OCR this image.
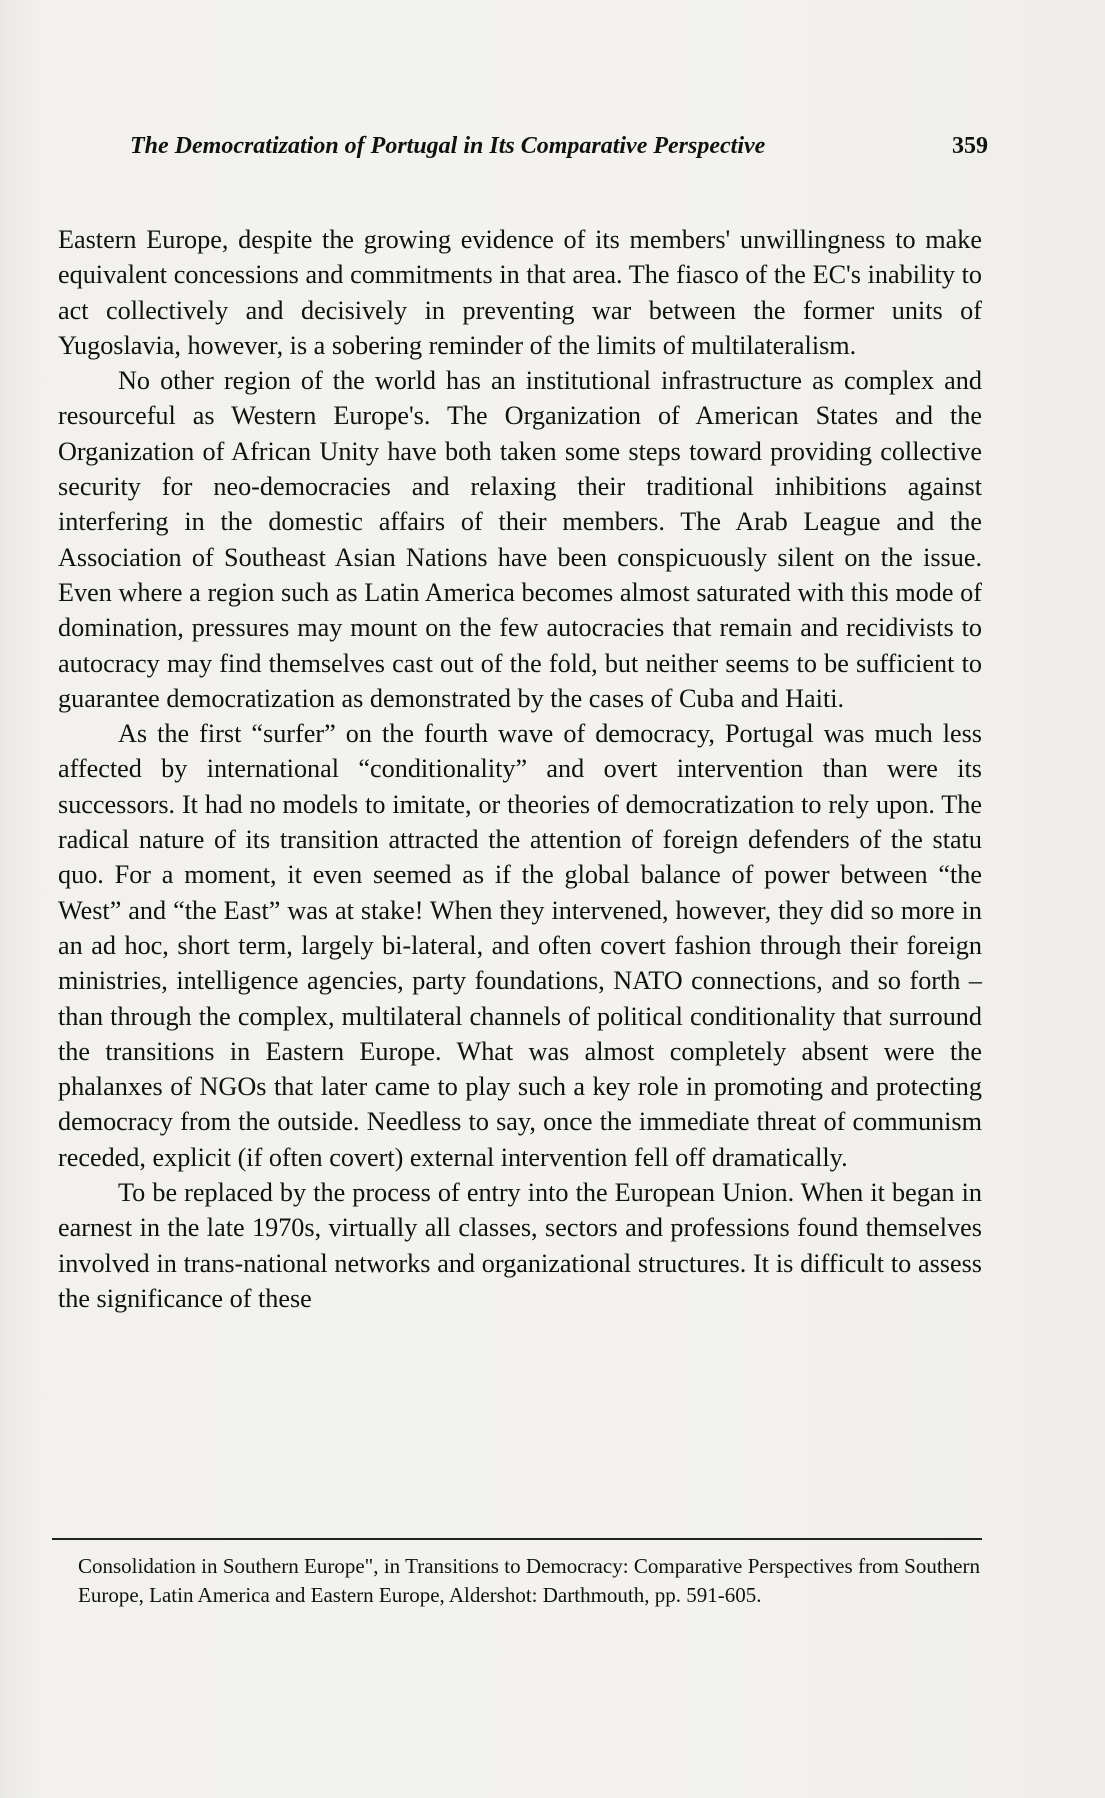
The Democratization of Portugal in Its Comparative Perspective	359

Eastern Europe, despite the growing evidence of its members' unwillingness to make equivalent concessions and commitments in that area. The fiasco of the EC's inability to act collectively and decisively in preventing war between the former units of Yugoslavia, however, is a sobering reminder of the limits of multilateralism.

No other region of the world has an institutional infrastructure as complex and resourceful as Western Europe's. The Organization of American States and the Organization of African Unity have both taken some steps toward providing collective security for neo-democracies and relaxing their traditional inhibitions against interfering in the domestic affairs of their members. The Arab League and the Association of Southeast Asian Nations have been conspicuously silent on the issue. Even where a region such as Latin America becomes almost saturated with this mode of domination, pressures may mount on the few autocracies that remain and recidivists to autocracy may find themselves cast out of the fold, but neither seems to be sufficient to guarantee democratization as demonstrated by the cases of Cuba and Haiti.

As the first “surfer” on the fourth wave of democracy, Portugal was much less affected by international “conditionality” and overt intervention than were its successors. It had no models to imitate, or theories of democratization to rely upon. The radical nature of its transition attracted the attention of foreign defenders of the statu quo. For a moment, it even seemed as if the global balance of power between “the West” and “the East” was at stake! When they intervened, however, they did so more in an ad hoc, short term, largely bi-lateral, and often covert fashion through their foreign ministries, intelligence agencies, party foundations, NATO connections, and so forth – than through the complex, multilateral channels of political conditionality that surround the transitions in Eastern Europe. What was almost completely absent were the phalanxes of NGOs that later came to play such a key role in promoting and protecting democracy from the outside. Needless to say, once the immediate threat of communism receded, explicit (if often covert) external intervention fell off dramatically.

To be replaced by the process of entry into the European Union. When it began in earnest in the late 1970s, virtually all classes, sectors and professions found themselves involved in trans-national networks and organizational structures. It is difficult to assess the significance of these

Consolidation in Southern Europe", in Transitions to Democracy: Comparative Perspectives from Southern Europe, Latin America and Eastern Europe, Aldershot: Darthmouth, pp. 591-605.
